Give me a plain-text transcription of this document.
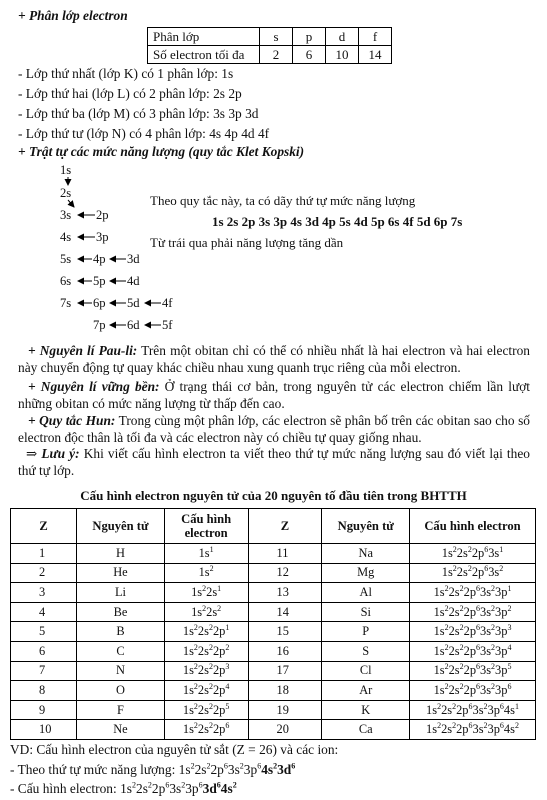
+ Phân lớp electron
Phân lớp	s	p	d	f
Số electron tối đa	2	6	10	14
- Lớp thứ nhất (lớp K) có 1 phân lớp: 1s
- Lớp thứ hai (lớp L) có 2 phân lớp: 2s 2p
- Lớp thứ ba (lớp M) có 3 phân lớp: 3s 3p 3d
- Lớp thứ tư (lớp N) có 4 phân lớp: 4s 4p 4d 4f
+ Trật tự các mức năng lượng (quy tắc Klet Kopski)
1s
2s
3s 2p
4s 3p
5s 4p 3d
6s 5p 4d
7s 6p 5d 4f
7p 6d 5f
Theo quy tắc này, ta có dãy thứ tự mức năng lượng
1s 2s 2p 3s 3p 4s 3d 4p 5s 4d 5p 6s 4f 5d 6p 7s
Từ trái qua phải năng lượng tăng dần
+ Nguyên lí Pau-li: Trên một obitan chỉ có thể có nhiều nhất là hai electron và hai electron này chuyển động tự quay khác chiều nhau xung quanh trục riêng của mỗi electron.
+ Nguyên lí vững bền: Ở trạng thái cơ bản, trong nguyên tử các electron chiếm lần lượt những obitan có mức năng lượng từ thấp đến cao.
+ Quy tắc Hun: Trong cùng một phân lớp, các electron sẽ phân bố trên các obitan sao cho số electron độc thân là tối đa và các electron này có chiều tự quay giống nhau.
⇒ Lưu ý: Khi viết cấu hình electron ta viết theo thứ tự mức năng lượng sau đó viết lại theo thứ tự lớp.
Cấu hình electron nguyên tử của 20 nguyên tố đầu tiên trong BHTTH
Z	Nguyên tử	Cấu hình electron	Z	Nguyên tử	Cấu hình electron
1	H	$1s^1$	11	Na	$1s^22s^22p^63s^1$
2	He	$1s^2$	12	Mg	$1s^22s^22p^63s^2$
3	Li	$1s^22s^1$	13	Al	$1s^22s^22p^63s^23p^1$
4	Be	$1s^22s^2$	14	Si	$1s^22s^22p^63s^23p^2$
5	B	$1s^22s^22p^1$	15	P	$1s^22s^22p^63s^23p^3$
6	C	$1s^22s^22p^2$	16	S	$1s^22s^22p^63s^23p^4$
7	N	$1s^22s^22p^3$	17	Cl	$1s^22s^22p^63s^23p^5$
8	O	$1s^22s^22p^4$	18	Ar	$1s^22s^22p^63s^23p^6$
9	F	$1s^22s^22p^5$	19	K	$1s^22s^22p^63s^23p^64s^1$
10	Ne	$1s^22s^22p^6$	20	Ca	$1s^22s^22p^63s^23p^64s^2$
VD: Cấu hình electron của nguyên tử sắt (Z = 26) và các ion:
- Theo thứ tự mức năng lượng: $1s^22s^22p^63s^23p^64s^23d^6$
- Cấu hình electron: $1s^22s^22p^63s^23p^63d^64s^2$
